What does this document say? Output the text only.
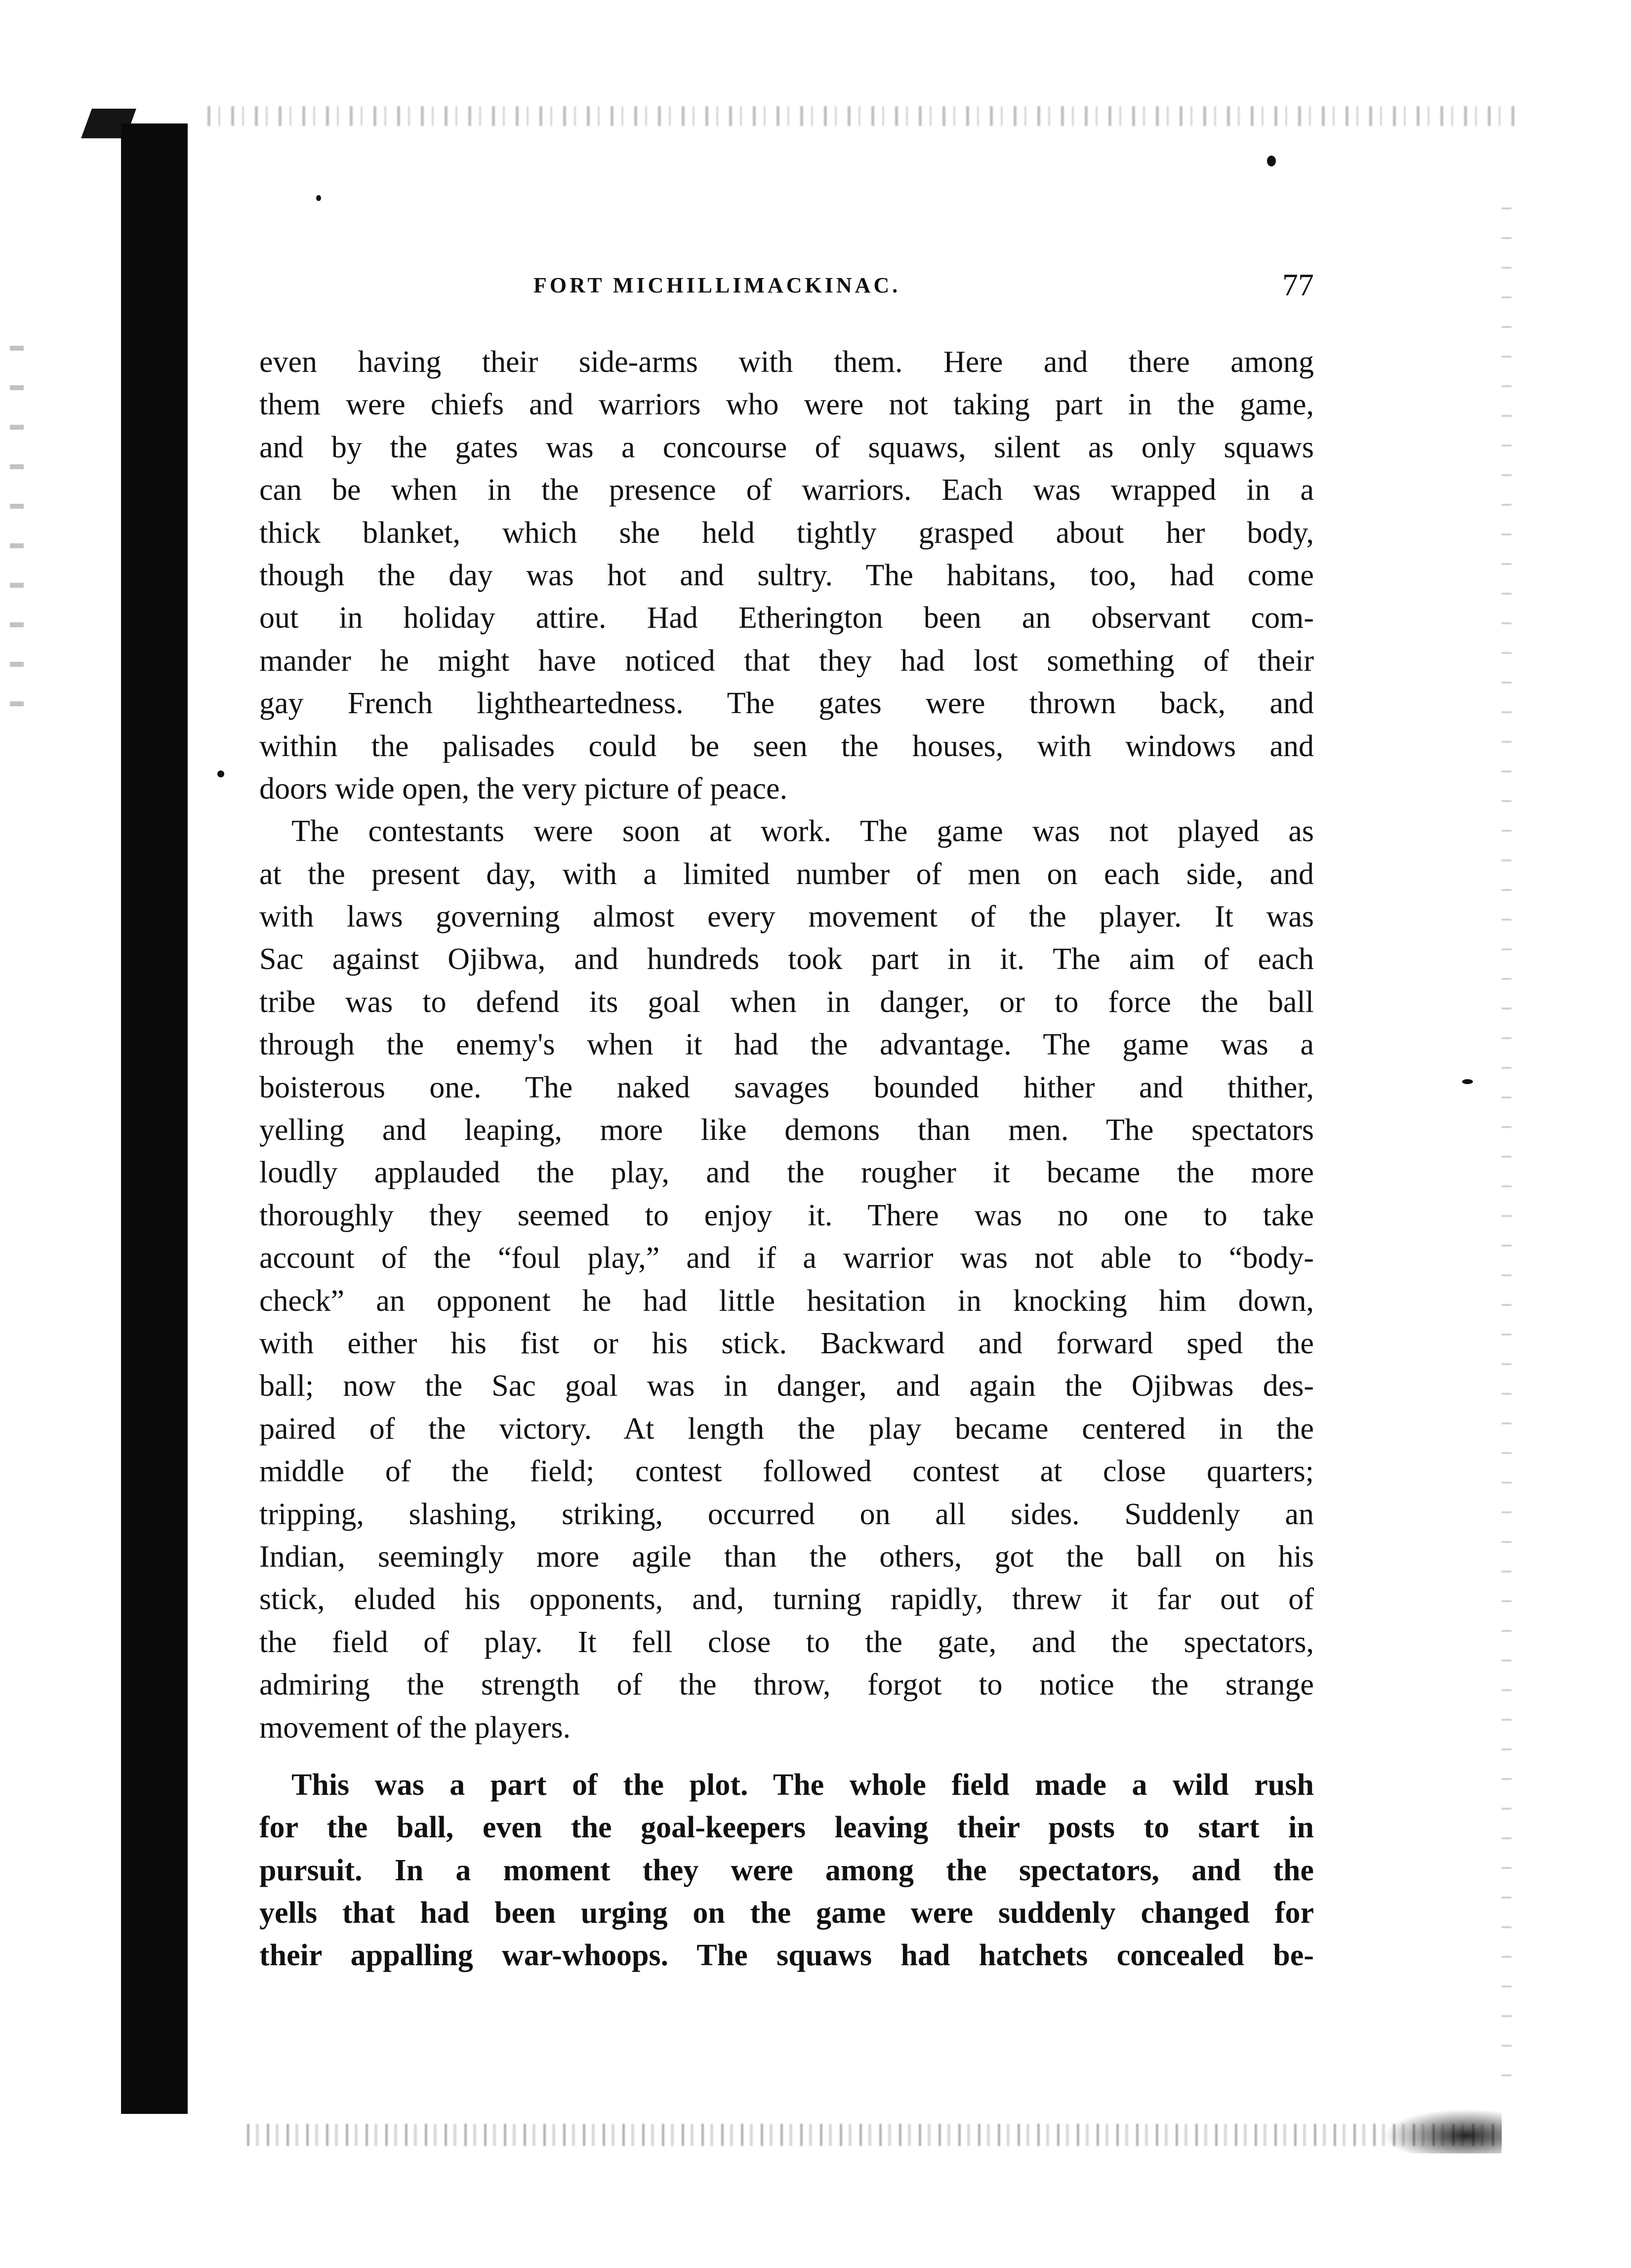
FORT MICHILLIMACKINAC.	77
even having their side-arms with them. Here and there among
them were chiefs and warriors who were not taking part in the game,
and by the gates was a concourse of squaws, silent as only squaws
can be when in the presence of warriors. Each was wrapped in a
thick blanket, which she held tightly grasped about her body,
though the day was hot and sultry. The habitans, too, had come
out in holiday attire. Had Etherington been an observant com-
mander he might have noticed that they had lost something of their
gay French lightheartedness. The gates were thrown back, and
within the palisades could be seen the houses, with windows and
doors wide open, the very picture of peace.
The contestants were soon at work. The game was not played as
at the present day, with a limited number of men on each side, and
with laws governing almost every movement of the player. It was
Sac against Ojibwa, and hundreds took part in it. The aim of each
tribe was to defend its goal when in danger, or to force the ball
through the enemy's when it had the advantage. The game was a
boisterous one. The naked savages bounded hither and thither,
yelling and leaping, more like demons than men. The spectators
loudly applauded the play, and the rougher it became the more
thoroughly they seemed to enjoy it. There was no one to take
account of the “foul play,” and if a warrior was not able to “body-
check” an opponent he had little hesitation in knocking him down,
with either his fist or his stick. Backward and forward sped the
ball; now the Sac goal was in danger, and again the Ojibwas des-
paired of the victory. At length the play became centered in the
middle of the field; contest followed contest at close quarters;
tripping, slashing, striking, occurred on all sides. Suddenly an
Indian, seemingly more agile than the others, got the ball on his
stick, eluded his opponents, and, turning rapidly, threw it far out of
the field of play. It fell close to the gate, and the spectators,
admiring the strength of the throw, forgot to notice the strange
movement of the players.
This was a part of the plot. The whole field made a wild rush
for the ball, even the goal-keepers leaving their posts to start in
pursuit. In a moment they were among the spectators, and the
yells that had been urging on the game were suddenly changed for
their appalling war-whoops. The squaws had hatchets concealed be-
